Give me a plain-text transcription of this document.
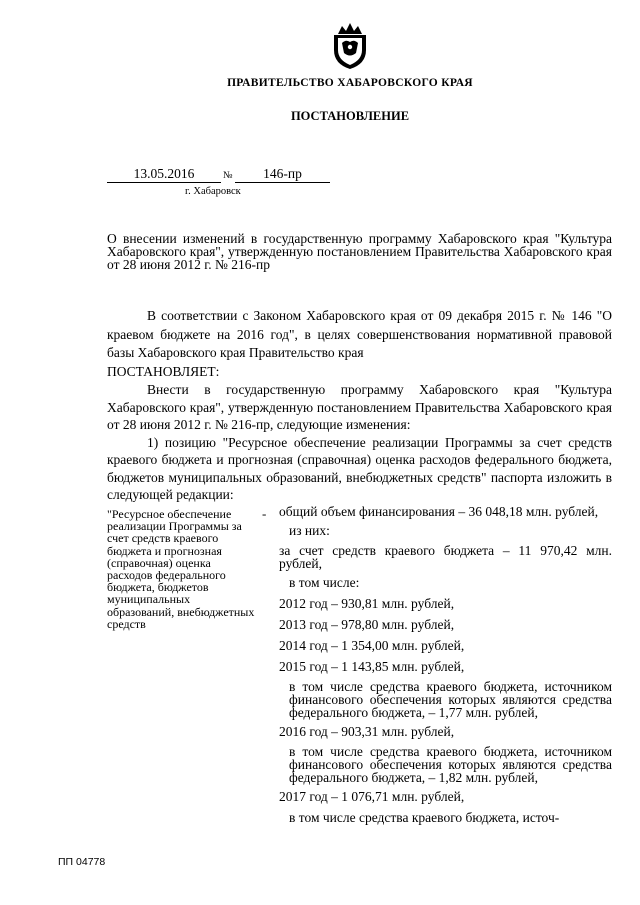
ПРАВИТЕЛЬСТВО ХАБАРОВСКОГО КРАЯ
ПОСТАНОВЛЕНИЕ
13.05.2016	№	146-пр
г. Хабаровск
О внесении изменений в государственную программу Хабаровского края "Культура Хабаровского края", утвержденную постановлением Правительства Хабаровского края от 28 июня 2012 г. № 216-пр

В соответствии с Законом Хабаровского края от 09 декабря 2015 г. № 146 "О краевом бюджете на 2016 год", в целях совершенствования нормативной правовой базы Хабаровского края Правительство края

ПОСТАНОВЛЯЕТ:

Внести в государственную программу Хабаровского края "Культура Хабаровского края", утвержденную постановлением Правительства Хабаровского края от 28 июня 2012 г. № 216-пр, следующие изменения:

1) позицию "Ресурсное обеспечение реализации Программы за счет средств краевого бюджета и прогнозная (справочная) оценка расходов федерального бюджета, бюджетов муниципальных образований, внебюджетных средств" паспорта изложить в следующей редакции:

"Ресурсное обеспечение реализации Программы за счет средств краевого бюджета и прогнозная (справочная) оценка расходов федерального бюджета, бюджетов муниципальных образований, внебюджетных средств
- общий объем финансирования – 36 048,18 млн. рублей,

из них:

за счет средств краевого бюджета – 11 970,42 млн. рублей,

в том числе:

2012 год – 930,81 млн. рублей,

2013 год – 978,80 млн. рублей,

2014 год – 1 354,00 млн. рублей,

2015 год – 1 143,85 млн. рублей,

в том числе средства краевого бюджета, источником финансового обеспечения которых являются средства федерального бюджета, – 1,77 млн. рублей,

2016 год – 903,31 млн. рублей,

в том числе средства краевого бюджета, источником финансового обеспечения которых являются средства федерального бюджета, – 1,82 млн. рублей,

2017 год – 1 076,71 млн. рублей,

в том числе средства краевого бюджета, источ-

ПП 04778
